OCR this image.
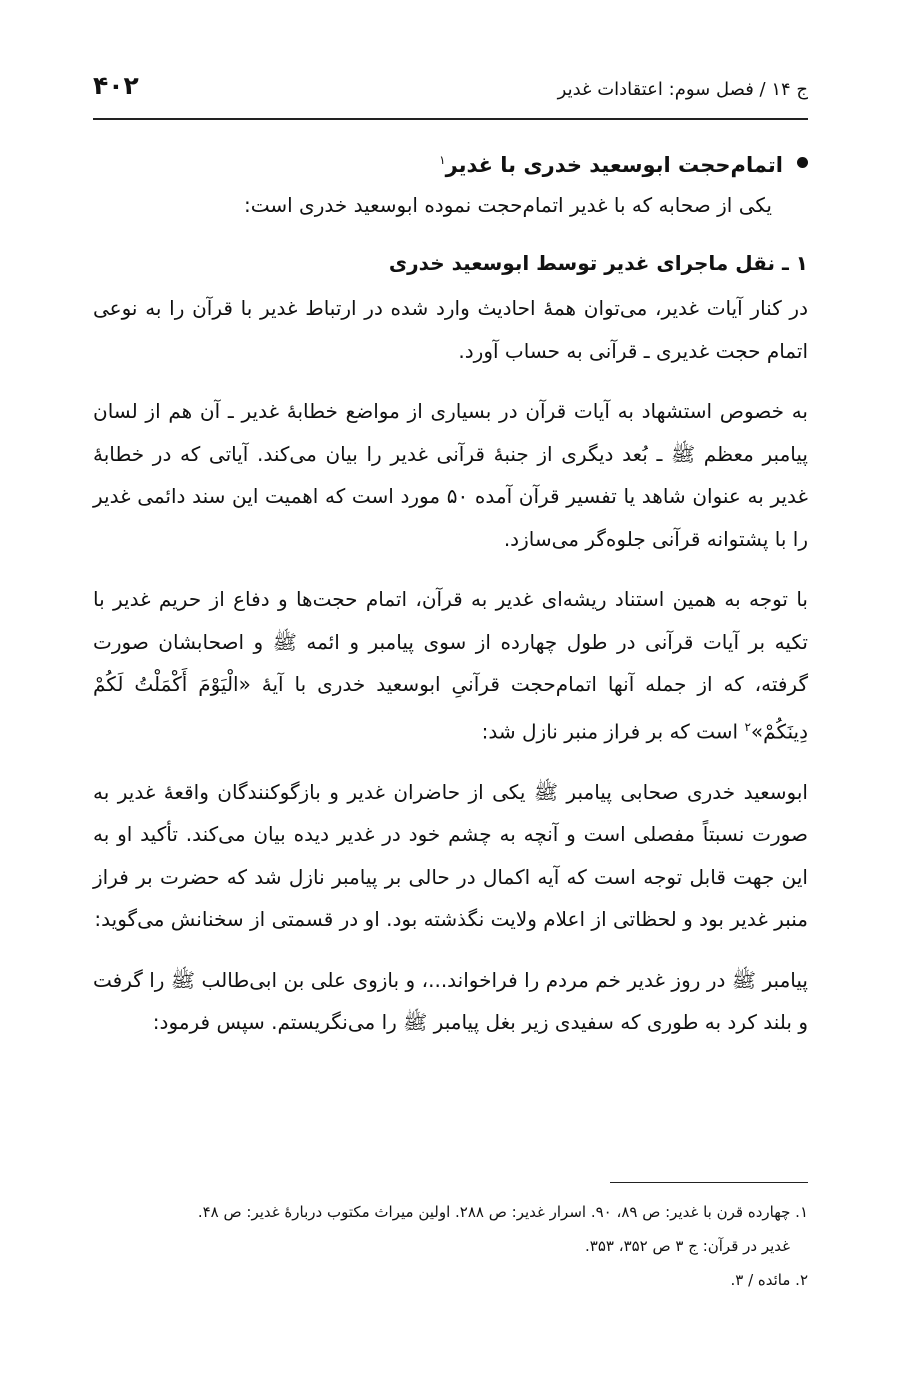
ج ۱۴ / فصل سوم: اعتقادات غدیر
۴۰۲
اتمام‌حجت ابوسعید خدری با غدیر$^۱$

یکی از صحابه که با غدیر اتمام‌حجت نموده ابوسعید خدری است:

۱ ـ نقل ماجرای غدیر توسط ابوسعید خدری

در کنار آیات غدیر، می‌توان همهٔ احادیث وارد شده در ارتباط غدیر با قرآن را به نوعی اتمام حجت غدیری ـ قرآنی به حساب آورد.

به خصوص استشهاد به آیات قرآن در بسیاری از مواضع خطابهٔ غدیر ـ آن هم از لسان پیامبر معظم ﷺ ـ بُعد دیگری از جنبهٔ قرآنی غدیر را بیان می‌کند. آیاتی که در خطابهٔ غدیر به عنوان شاهد یا تفسیر قرآن آمده ۵۰ مورد است که اهمیت این سند دائمی غدیر را با پشتوانه قرآنی جلوه‌گر می‌سازد.

با توجه به همین استناد ریشه‌ای غدیر به قرآن، اتمام حجت‌ها و دفاع از حریم غدیر با تکیه بر آیات قرآنی در طول چهارده از سوی پیامبر و ائمه ﷺ و اصحابشان صورت گرفته، که از جمله آنها اتمام‌حجت قرآنیِ ابوسعید خدری با آیهٔ «الْيَوْمَ أَكْمَلْتُ لَكُمْ دِينَكُمْ»$^۲$ است که بر فراز منبر نازل شد:

ابوسعید خدری صحابی پیامبر ﷺ یکی از حاضران غدیر و بازگوکنندگان واقعهٔ غدیر به صورت نسبتاً مفصلی است و آنچه به چشم خود در غدیر دیده بیان می‌کند. تأکید او به این جهت قابل توجه است که آیه اکمال در حالی بر پیامبر نازل شد که حضرت بر فراز منبر غدیر بود و لحظاتی از اعلام ولایت نگذشته بود. او در قسمتی از سخنانش می‌گوید:

پیامبر ﷺ در روز غدیر خم مردم را فراخواند...، و بازوی علی بن ابی‌طالب ﷺ را گرفت و بلند کرد به طوری که سفیدی زیر بغل پیامبر ﷺ را می‌نگریستم. سپس فرمود:

۱. چهارده قرن با غدیر: ص ۸۹، ۹۰. اسرار غدیر: ص ۲۸۸. اولین میراث مکتوب دربارهٔ غدیر: ص ۴۸.

غدیر در قرآن: ج ۳ ص ۳۵۲، ۳۵۳.

۲. مائده / ۳.
